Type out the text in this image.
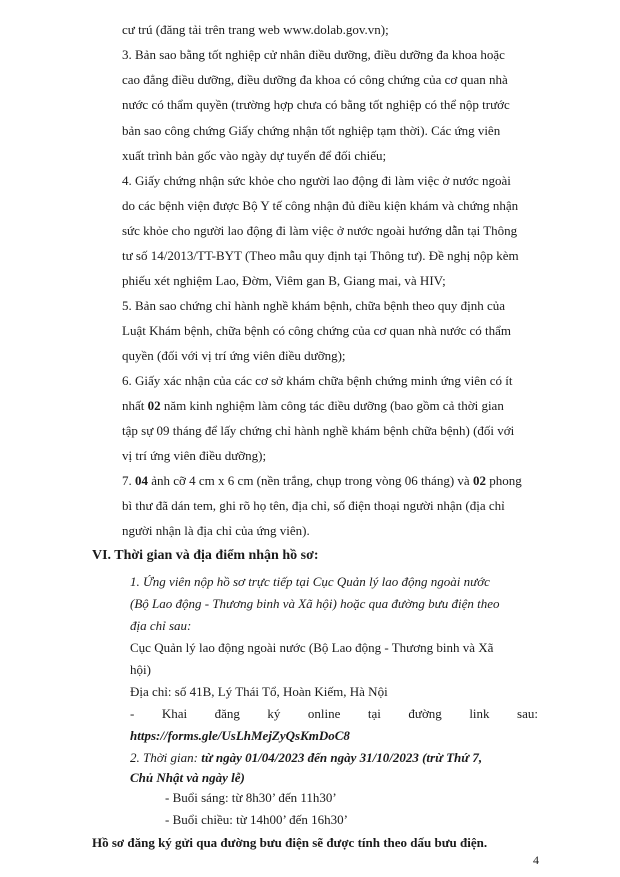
cư trú (đăng tải trên trang web www.dolab.gov.vn);
3. Bản sao bằng tốt nghiệp cử nhân điều dưỡng, điều dưỡng đa khoa hoặc
cao đẳng điều dưỡng, điều dưỡng đa khoa có công chứng của cơ quan nhà
nước có thẩm quyền (trường hợp chưa có bằng tốt nghiệp có thể nộp trước
bản sao công chứng Giấy chứng nhận tốt nghiệp tạm thời). Các ứng viên
xuất trình bản gốc vào ngày dự tuyển để đối chiếu;
4. Giấy chứng nhận sức khỏe cho người lao động đi làm việc ở nước ngoài
do các bệnh viện được Bộ Y tế công nhận đủ điều kiện khám và chứng nhận
sức khỏe cho người lao động đi làm việc ở nước ngoài hướng dẫn tại Thông
tư số 14/2013/TT-BYT (Theo mẫu quy định tại Thông tư). Đề nghị nộp kèm
phiếu xét nghiệm Lao, Đờm, Viêm gan B, Giang mai, và HIV;
5. Bản sao chứng chỉ hành nghề khám bệnh, chữa bệnh theo quy định của
Luật Khám bệnh, chữa bệnh có công chứng của cơ quan nhà nước có thẩm
quyền (đối với vị trí ứng viên điều dưỡng);
6. Giấy xác nhận của các cơ sở khám chữa bệnh chứng minh ứng viên có ít
nhất 02 năm kinh nghiệm làm công tác điều dưỡng (bao gồm cả thời gian
tập sự 09 tháng để lấy chứng chỉ hành nghề khám bệnh chữa bệnh) (đối với
vị trí ứng viên điều dưỡng);
7. 04 ảnh cỡ 4 cm x 6 cm (nền trắng, chụp trong vòng 06 tháng) và 02 phong
bì thư đã dán tem, ghi rõ họ tên, địa chỉ, số điện thoại người nhận (địa chỉ
người nhận là địa chỉ của ứng viên).
VI. Thời gian và địa điểm nhận hồ sơ:
1. Ứng viên nộp hồ sơ trực tiếp tại Cục Quản lý lao động ngoài nước
(Bộ Lao động - Thương binh và Xã hội) hoặc qua đường bưu điện theo
địa chỉ sau:
Cục Quản lý lao động ngoài nước (Bộ Lao động - Thương binh và Xã
hội)
Địa chỉ: số 41B, Lý Thái Tổ, Hoàn Kiếm, Hà Nội
- Khai đăng ký online tại đường link sau:
https://forms.gle/UsLhMejZyQsKmDoC8
2. Thời gian: từ ngày 01/04/2023 đến ngày 31/10/2023 (trừ Thứ 7,
Chủ Nhật và ngày lễ)
- Buổi sáng: từ 8h30’ đến 11h30’
- Buổi chiều: từ 14h00’ đến 16h30’
4
Hồ sơ đăng ký gửi qua đường bưu điện sẽ được tính theo dấu bưu điện.
